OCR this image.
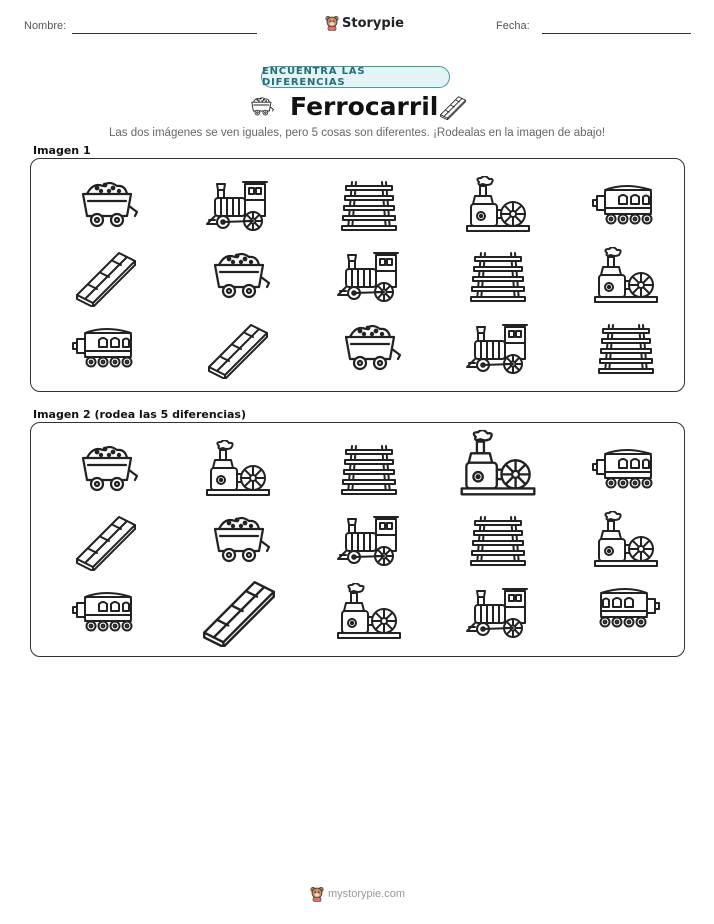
Nombre:	Storypie	Fecha:
ENCUENTRA LAS DIFERENCIAS
Ferrocarril
Las dos imágenes se ven iguales, pero 5 cosas son diferentes. ¡Rodealas en la imagen de abajo!
Imagen 1
Imagen 2 (rodea las 5 diferencias)
mystorypie.com
